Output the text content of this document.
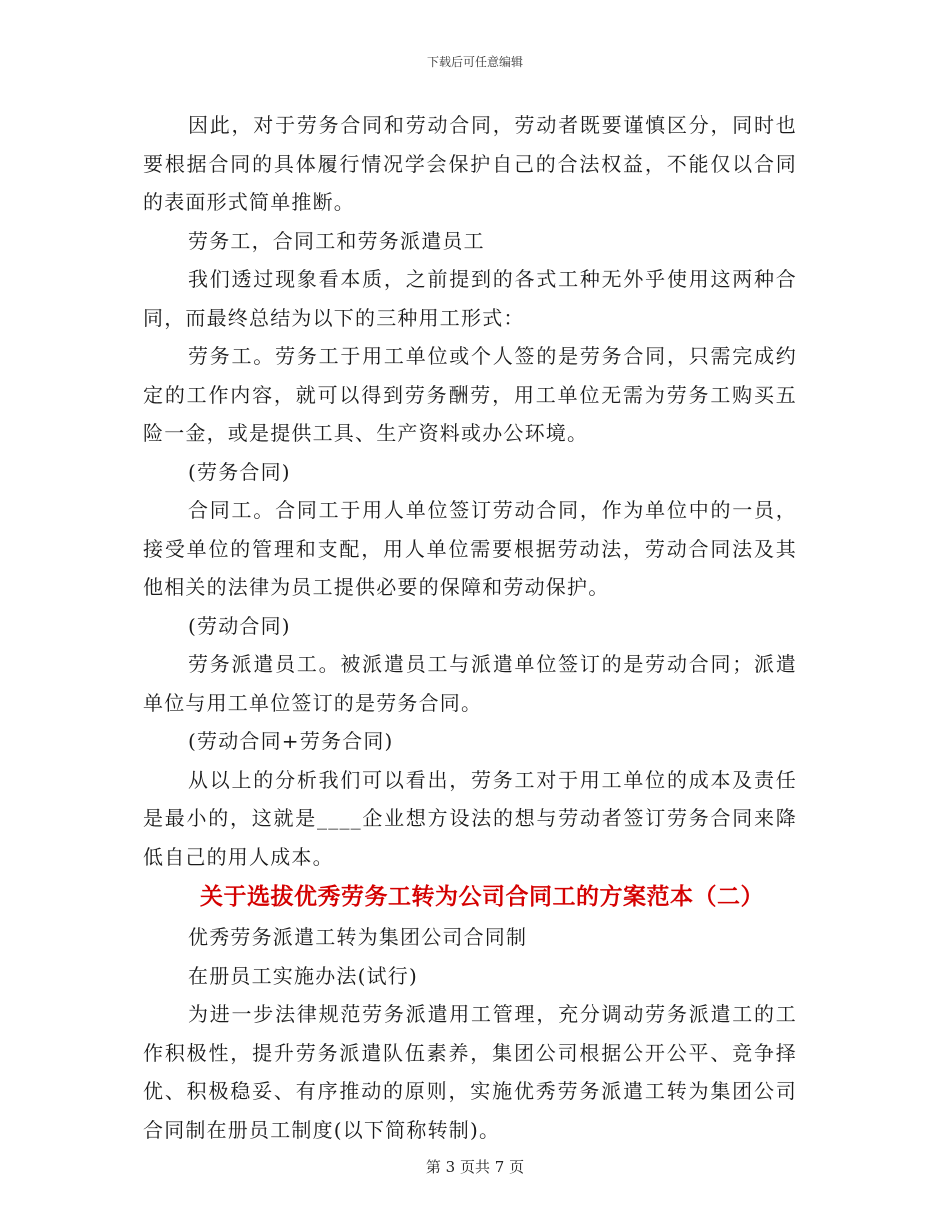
下载后可任意编辑

因此，对于劳务合同和劳动合同，劳动者既要谨慎区分，同时也要根据合同的具体履行情况学会保护自己的合法权益，不能仅以合同的表面形式简单推断。

劳务工，合同工和劳务派遣员工

我们透过现象看本质，之前提到的各式工种无外乎使用这两种合同，而最终总结为以下的三种用工形式：

劳务工。劳务工于用工单位或个人签的是劳务合同，只需完成约定的工作内容，就可以得到劳务酬劳，用工单位无需为劳务工购买五险一金，或是提供工具、生产资料或办公环境。

(劳务合同)

合同工。合同工于用人单位签订劳动合同，作为单位中的一员，接受单位的管理和支配，用人单位需要根据劳动法，劳动合同法及其他相关的法律为员工提供必要的保障和劳动保护。

(劳动合同)

劳务派遣员工。被派遣员工与派遣单位签订的是劳动合同；派遣单位与用工单位签订的是劳务合同。

(劳动合同+劳务合同)

从以上的分析我们可以看出，劳务工对于用工单位的成本及责任是最小的，这就是____企业想方设法的想与劳动者签订劳务合同来降低自己的用人成本。

关于选拔优秀劳务工转为公司合同工的方案范本（二）

优秀劳务派遣工转为集团公司合同制

在册员工实施办法(试行)

为进一步法律规范劳务派遣用工管理，充分调动劳务派遣工的工作积极性，提升劳务派遣队伍素养，集团公司根据公开公平、竞争择优、积极稳妥、有序推动的原则，实施优秀劳务派遣工转为集团公司合同制在册员工制度(以下简称转制)。

第 3 页共 7 页
